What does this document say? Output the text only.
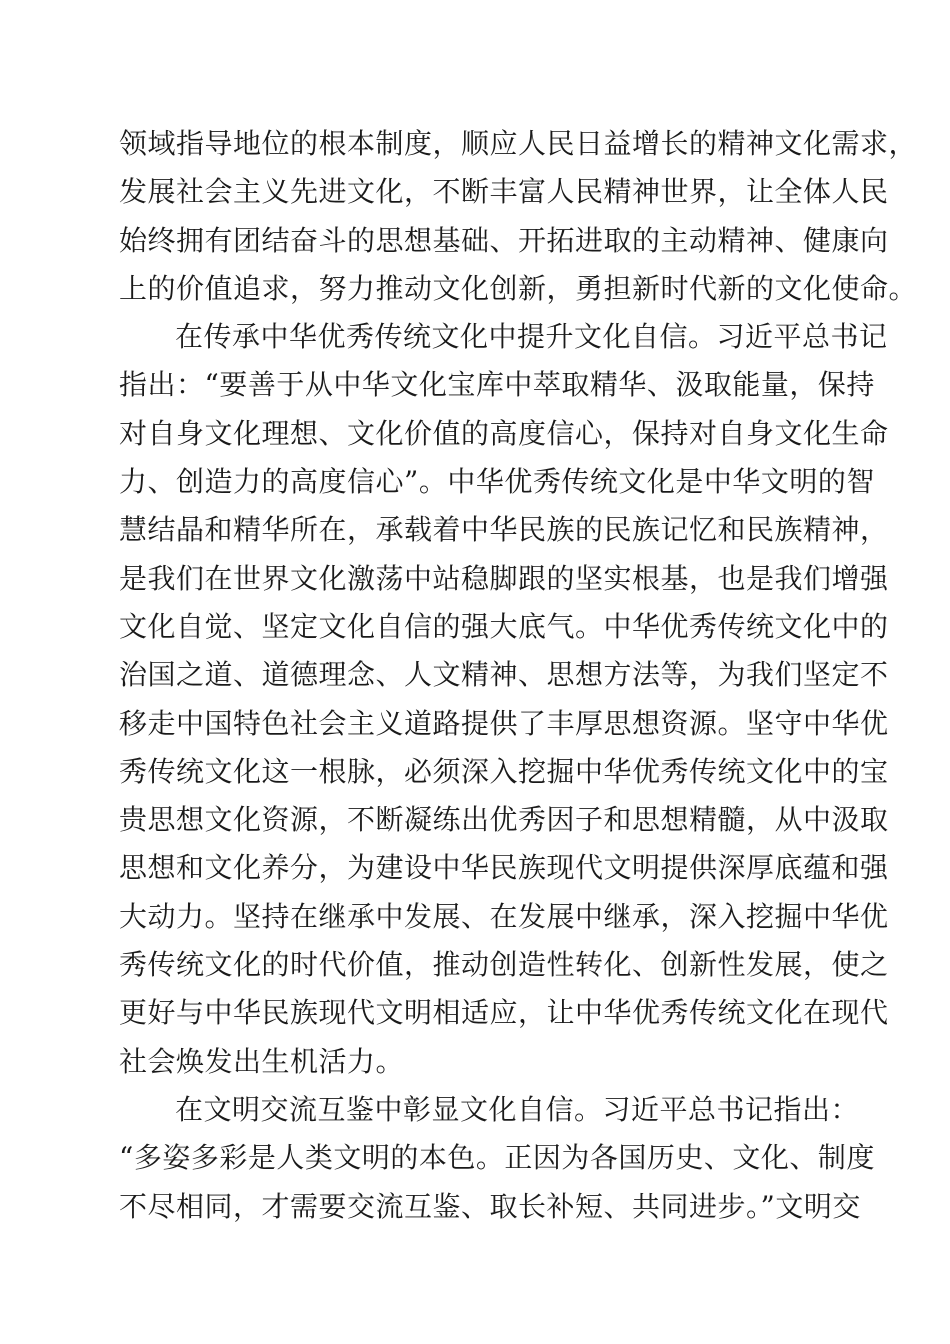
领域指导地位的根本制度，顺应人民日益增长的精神文化需求，
发展社会主义先进文化，不断丰富人民精神世界，让全体人民
始终拥有团结奋斗的思想基础、开拓进取的主动精神、健康向
上的价值追求，努力推动文化创新，勇担新时代新的文化使命。
在传承中华优秀传统文化中提升文化自信。习近平总书记
指出：“要善于从中华文化宝库中萃取精华、汲取能量，保持
对自身文化理想、文化价值的高度信心，保持对自身文化生命
力、创造力的高度信心”。中华优秀传统文化是中华文明的智
慧结晶和精华所在，承载着中华民族的民族记忆和民族精神，
是我们在世界文化激荡中站稳脚跟的坚实根基，也是我们增强
文化自觉、坚定文化自信的强大底气。中华优秀传统文化中的
治国之道、道德理念、人文精神、思想方法等，为我们坚定不
移走中国特色社会主义道路提供了丰厚思想资源。坚守中华优
秀传统文化这一根脉，必须深入挖掘中华优秀传统文化中的宝
贵思想文化资源，不断凝练出优秀因子和思想精髓，从中汲取
思想和文化养分，为建设中华民族现代文明提供深厚底蕴和强
大动力。坚持在继承中发展、在发展中继承，深入挖掘中华优
秀传统文化的时代价值，推动创造性转化、创新性发展，使之
更好与中华民族现代文明相适应，让中华优秀传统文化在现代
社会焕发出生机活力。
在文明交流互鉴中彰显文化自信。习近平总书记指出：
“多姿多彩是人类文明的本色。正因为各国历史、文化、制度
不尽相同，才需要交流互鉴、取长补短、共同进步。”文明交
